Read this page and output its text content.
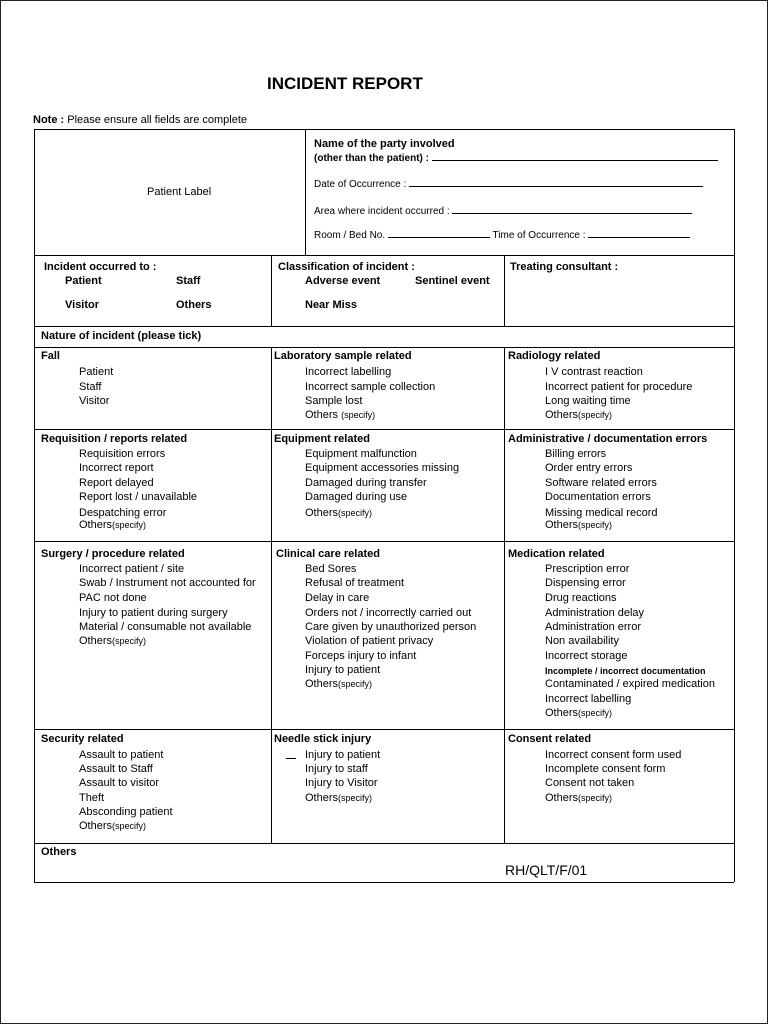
INCIDENT REPORT
Note : Please ensure all fields are complete
Patient Label
Name of the party involved
(other than the patient) :
Date of Occurrence :
Area where incident occurred :
Room / Bed No.	Time of Occurrence :
Incident occurred to :
Patient	Staff
Visitor	Others
Classification of incident :
Adverse event	Sentinel event
Near Miss
Treating consultant :
Nature of incident (please tick)
Fall
Patient
Staff
Visitor
Laboratory sample related
Incorrect labelling
Incorrect sample collection
Sample lost
Others (specify)
Radiology related
I V contrast reaction
Incorrect patient for procedure
Long waiting time
Others(specify)
Requisition / reports related
Requisition errors
Incorrect report
Report delayed
Report lost / unavailable
Despatching error
Others(specify)
Equipment related
Equipment malfunction
Equipment accessories missing
Damaged during transfer
Damaged during use
Others(specify)
Administrative / documentation errors
Billing errors
Order entry errors
Software related errors
Documentation errors
Missing medical record
Others(specify)
Surgery / procedure related
Incorrect patient / site
Swab / Instrument not accounted for
PAC not done
Injury to patient during surgery
Material / consumable not available
Others(specify)
Clinical care related
Bed Sores
Refusal of treatment
Delay in care
Orders not / incorrectly carried out
Care given by unauthorized person
Violation of patient privacy
Forceps injury to infant
Injury to patient
Others(specify)
Medication related
Prescription error
Dispensing error
Drug reactions
Administration delay
Administration error
Non availability
Incorrect storage
Incomplete / incorrect documentation
Contaminated / expired medication
Incorrect labelling
Others(specify)
Security related
Assault to patient
Assault to Staff
Assault to visitor
Theft
Absconding patient
Others(specify)
Needle stick injury
Injury to patient
Injury to staff
Injury to Visitor
Others(specify)
Consent related
Incorrect consent form used
Incomplete consent form
Consent not taken
Others(specify)
Others
RH/QLT/F/01
